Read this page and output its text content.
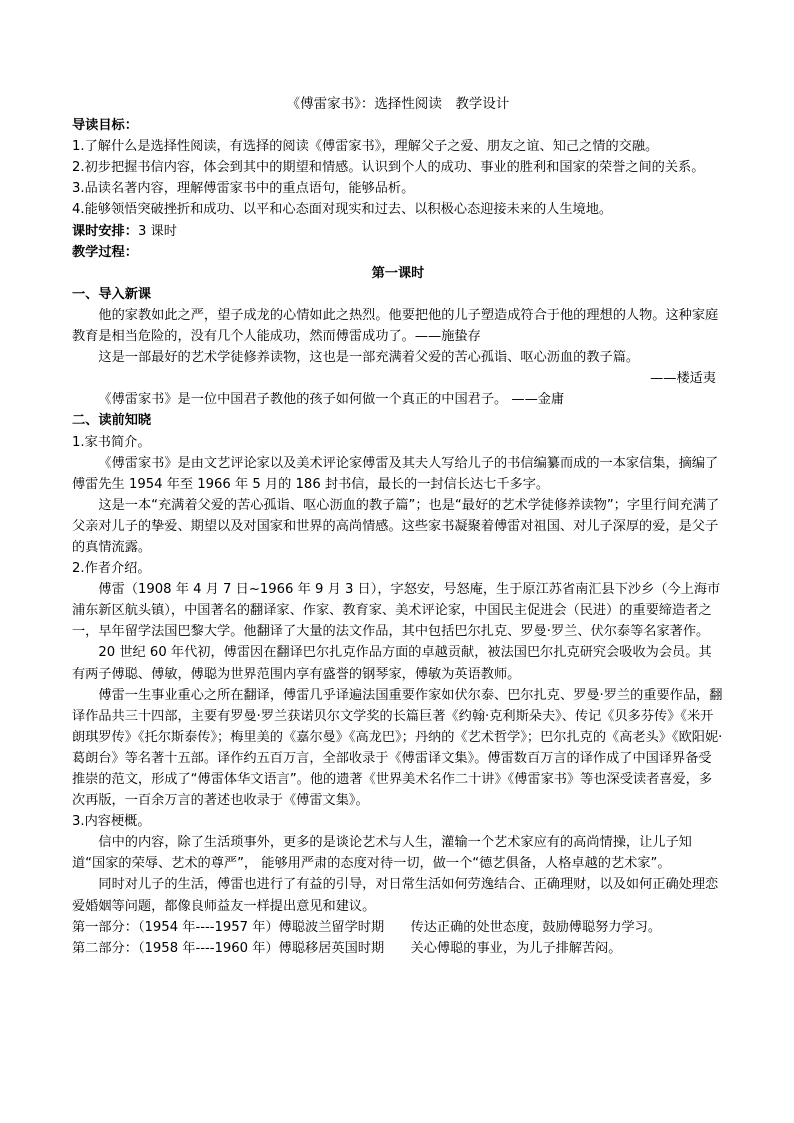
《傅雷家书》：选择性阅读　教学设计

导读目标：

1.了解什么是选择性阅读，有选择的阅读《傅雷家书》，理解父子之爱、朋友之谊、知己之情的交融。

2.初步把握书信内容，体会到其中的期望和情感。认识到个人的成功、事业的胜利和国家的荣誉之间的关系。

3.品读名著内容，理解傅雷家书中的重点语句，能够品析。

4.能够领悟突破挫折和成功、以平和心态面对现实和过去、以积极心态迎接未来的人生境地。

课时安排：3 课时

教学过程：

第一课时

一、导入新课

他的家教如此之严，望子成龙的心情如此之热烈。他要把他的儿子塑造成符合于他的理想的人物。这种家庭教育是相当危险的，没有几个人能成功，然而傅雷成功了。——施蛰存

这是一部最好的艺术学徒修养读物，这也是一部充满着父爱的苦心孤诣、呕心沥血的教子篇。

——楼适夷

《傅雷家书》是一位中国君子教他的孩子如何做一个真正的中国君子。 ——金庸

二、读前知晓

1.家书简介。

《傅雷家书》是由文艺评论家以及美术评论家傅雷及其夫人写给儿子的书信编纂而成的一本家信集，摘编了傅雷先生 1954 年至 1966 年 5 月的 186 封书信，最长的一封信长达七千多字。

这是一本“充满着父爱的苦心孤诣、呕心沥血的教子篇”；也是“最好的艺术学徒修养读物”；字里行间充满了父亲对儿子的挚爱、期望以及对国家和世界的高尚情感。这些家书凝聚着傅雷对祖国、对儿子深厚的爱，是父子的真情流露。

2.作者介绍。

傅雷（1908 年 4 月 7 日~1966 年 9 月 3 日），字怒安，号怒庵，生于原江苏省南汇县下沙乡（今上海市浦东新区航头镇），中国著名的翻译家、作家、教育家、美术评论家，中国民主促进会（民进）的重要缔造者之一，早年留学法国巴黎大学。他翻译了大量的法文作品，其中包括巴尔扎克、罗曼·罗兰、伏尔泰等名家著作。

20 世纪 60 年代初，傅雷因在翻译巴尔扎克作品方面的卓越贡献，被法国巴尔扎克研究会吸收为会员。其有两子傅聪、傅敏，傅聪为世界范围内享有盛誉的钢琴家，傅敏为英语教师。

傅雷一生事业重心之所在翻译，傅雷几乎译遍法国重要作家如伏尔泰、巴尔扎克、罗曼·罗兰的重要作品，翻译作品共三十四部，主要有罗曼·罗兰获诺贝尔文学奖的长篇巨著《约翰·克利斯朵夫》、传记《贝多芬传》《米开朗琪罗传》《托尔斯泰传》；梅里美的《嘉尔曼》《高龙巴》；丹纳的《艺术哲学》；巴尔扎克的《高老头》《欧阳妮·葛朗台》等名著十五部。译作约五百万言，全部收录于《傅雷译文集》。傅雷数百万言的译作成了中国译界备受推崇的范文，形成了“傅雷体华文语言”。他的遗著《世界美术名作二十讲》《傅雷家书》等也深受读者喜爱，多次再版，一百余万言的著述也收录于《傅雷文集》。

3.内容梗概。

信中的内容，除了生活琐事外，更多的是谈论艺术与人生，灌输一个艺术家应有的高尚情操，让儿子知道“国家的荣辱、艺术的尊严”， 能够用严肃的态度对待一切，做一个“德艺俱备，人格卓越的艺术家”。

同时对儿子的生活，傅雷也进行了有益的引导，对日常生活如何劳逸结合、正确理财，以及如何正确处理恋爱婚姻等问题，都像良师益友一样提出意见和建议。

第一部分：（1954 年----1957 年）傅聪波兰留学时期　　传达正确的处世态度，鼓励傅聪努力学习。

第二部分：（1958 年----1960 年）傅聪移居英国时期　　关心傅聪的事业，为儿子排解苦闷。
